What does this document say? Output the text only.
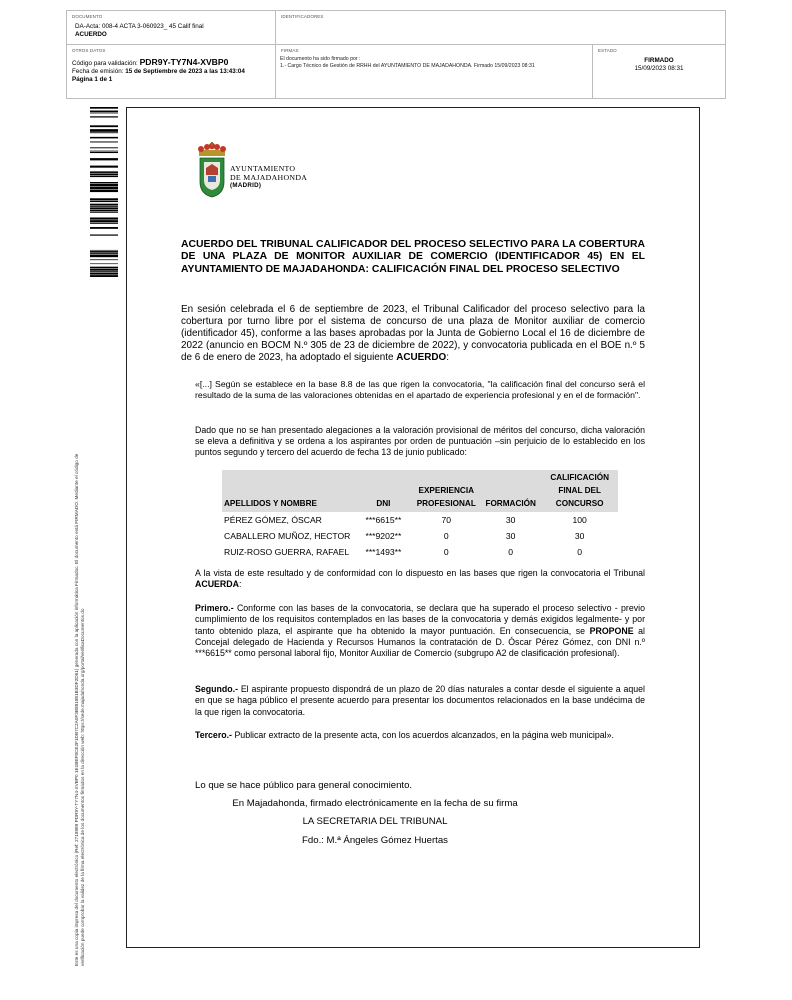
DOCUMENTO
DA-Acta: 008-4 ACTA 3-060923_ 45 Calif final
ACUERDO
IDENTIFICADORES
OTROS DATOS
Código para validación: PDR9Y-TY7N4-XVBP0
Fecha de emisión: 15 de Septiembre de 2023 a las 13:43:04
Página 1 de 1
FIRMAS
El documento ha sido firmado por :
1.- Cargo Técnico de Gestión de RRHH del AYUNTAMIENTO DE MAJADAHONDA. Firmado 15/09/2023 08:31
ESTADO
FIRMADO
15/09/2023 08:31
Este es una copia impresa del documento electrónico (Ref: 2718989 PDR9Y-TY7N4-XVBP0 1E1BEF8CE2F1DB7C2A0F3B881881B3DF2D61) generada con la aplicación informática Firmadoc. El documento está FIRMADO. Mediante el código de verificación puede comprobar la validez de la firma electrónica de los documentos firmados en la dirección web: https://sede.majadahonda.org/portal/verificaDocumentos.do
AYUNTAMIENTO
DE MAJADAHONDA
(MADRID)
ACUERDO DEL TRIBUNAL CALIFICADOR DEL PROCESO SELECTIVO PARA LA COBERTURA DE UNA PLAZA DE MONITOR AUXILIAR DE COMERCIO (IDENTIFICADOR 45) EN EL AYUNTAMIENTO DE MAJADAHONDA: CALIFICACIÓN FINAL DEL PROCESO SELECTIVO
En sesión celebrada el 6 de septiembre de 2023, el Tribunal Calificador del proceso selectivo para la cobertura por turno libre por el sistema de concurso de una plaza de Monitor auxiliar de comercio (identificador 45), conforme a las bases aprobadas por la Junta de Gobierno Local el 16 de diciembre de 2022 (anuncio en BOCM N.º 305 de 23 de diciembre de 2022), y convocatoria publicada en el BOE n.º 5 de 6 de enero de 2023, ha adoptado el siguiente ACUERDO:
«[...] Según se establece en la base 8.8 de las que rigen la convocatoria, "la calificación final del concurso será el resultado de la suma de las valoraciones obtenidas en el apartado de experiencia profesional y en el de formación".
Dado que no se han presentado alegaciones a la valoración provisional de méritos del concurso, dicha valoración se eleva a definitiva y se ordena a los aspirantes por orden de puntuación –sin perjuicio de lo establecido en los puntos segundo y tercero del acuerdo de fecha 13 de junio publicado:
APELLIDOS Y NOMBRE	DNI	EXPERIENCIA
PROFESIONAL	FORMACIÓN	CALIFICACIÓN
FINAL DEL
CONCURSO
PÉREZ GÓMEZ, ÓSCAR	***6615**	70	30	100
CABALLERO MUÑOZ, HECTOR	***9202**	0	30	30
RUIZ-ROSO GUERRA, RAFAEL	***1493**	0	0	0
A la vista de este resultado y de conformidad con lo dispuesto en las bases que rigen la convocatoria el Tribunal ACUERDA:
Primero.- Conforme con las bases de la convocatoria, se declara que ha superado el proceso selectivo - previo cumplimiento de los requisitos contemplados en las bases de la convocatoria y demás exigidos legalmente- y por tanto obtenido plaza, el aspirante que ha obtenido la mayor puntuación. En consecuencia, se PROPONE al Concejal delegado de Hacienda y Recursos Humanos la contratación de D. Óscar Pérez Gómez, con DNI n.º ***6615** como personal laboral fijo, Monitor Auxiliar de Comercio (subgrupo A2 de clasificación profesional).
Segundo.- El aspirante propuesto dispondrá de un plazo de 20 días naturales a contar desde el siguiente a aquel en que se haga público el presente acuerdo para presentar los documentos relacionados en la base undécima de la que rigen la convocatoria.
Tercero.- Publicar extracto de la presente acta, con los acuerdos alcanzados, en la página web municipal».
Lo que se hace público para general conocimiento.
En Majadahonda, firmado electrónicamente en la fecha de su firma
LA SECRETARIA DEL TRIBUNAL
Fdo.: M.ª Ángeles Gómez Huertas
